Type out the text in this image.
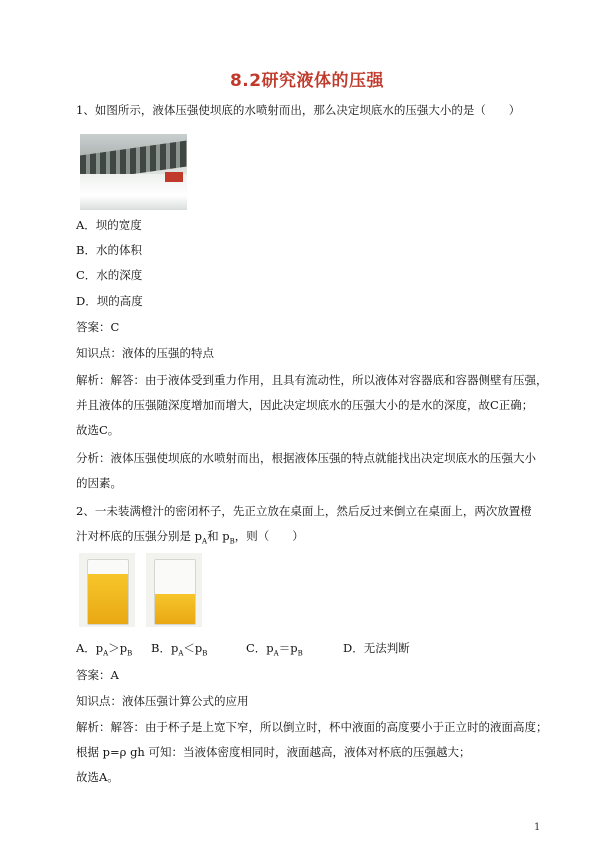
8.2研究液体的压强
1、如图所示，液体压强使坝底的水喷射而出，那么决定坝底水的压强大小的是（　　）
A．坝的宽度
B．水的体积
C．水的深度
D．坝的高度
答案：C
知识点：液体的压强的特点
解析：解答：由于液体受到重力作用，且具有流动性，所以液体对容器底和容器侧壁有压强，
并且液体的压强随深度增加而增大，因此决定坝底水的压强大小的是水的深度，故C正确；
故选C。
分析：液体压强使坝底的水喷射而出，根据液体压强的特点就能找出决定坝底水的压强大小
的因素。
2、一未装满橙汁的密闭杯子，先正立放在桌面上，然后反过来倒立在桌面上，两次放置橙
汁对杯底的压强分别是 $p_A$和 $p_B$，则（　　）
A．$p_A>p_B$ B．$p_A<p_B$	C．$p_A=p_B$	D．无法判断
答案：A
知识点：液体压强计算公式的应用
解析：解答：由于杯子是上宽下窄，所以倒立时，杯中液面的高度要小于正立时的液面高度；
根据 p=ρ gh 可知：当液体密度相同时，液面越高，液体对杯底的压强越大；
故选A。
1
